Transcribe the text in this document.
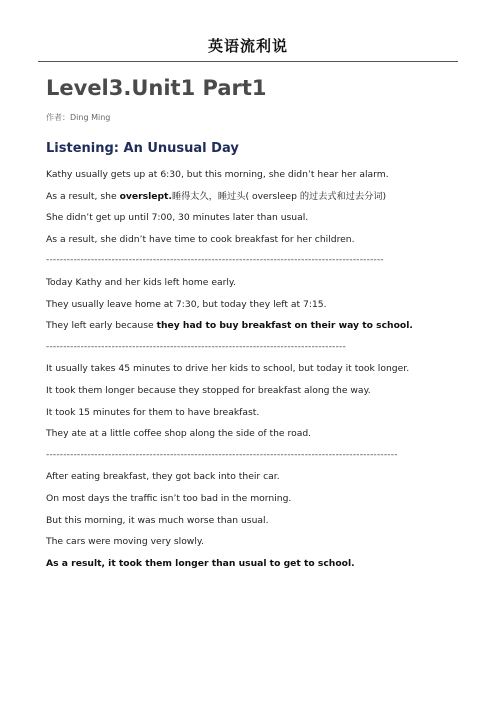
英语流利说
Level3.Unit1 Part1
作者：Ding Ming
Listening: An Unusual Day
Kathy usually gets up at 6:30, but this morning, she didn’t hear her alarm.
As a result, she overslept.睡得太久，睡过头( oversleep 的过去式和过去分词)
She didn’t get up until 7:00, 30 minutes later than usual.
As a result, she didn’t have time to cook breakfast for her children.
--------------------------------------------------------------------------------------------------
Today Kathy and her kids left home early.
They usually leave home at 7:30, but today they left at 7:15.
They left early because they had to buy breakfast on their way to school.
---------------------------------------------------------------------------------------
It usually takes 45 minutes to drive her kids to school, but today it took longer.
It took them longer because they stopped for breakfast along the way.
It took 15 minutes for them to have breakfast.
They ate at a little coffee shop along the side of the road.
------------------------------------------------------------------------------------------------------
After eating breakfast, they got back into their car.
On most days the traffic isn’t too bad in the morning.
But this morning, it was much worse than usual.
The cars were moving very slowly.
As a result, it took them longer than usual to get to school.
